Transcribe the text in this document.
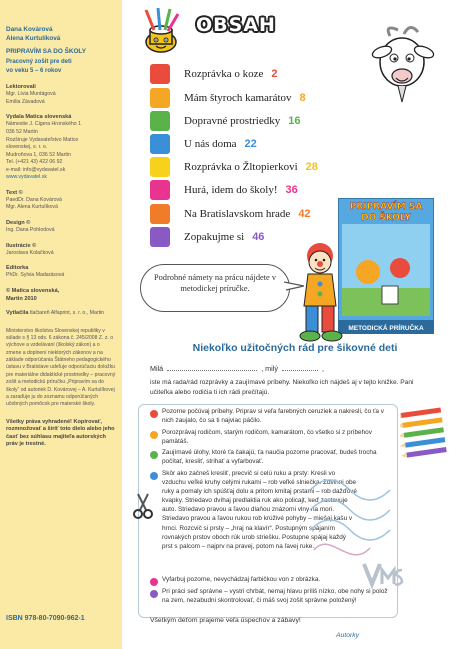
Dana Kovárová
Alena Kurtulíková
PRIPRAVÍM SA DO ŠKOLY
Pracovný zošit pre deti
vo veku 5 – 6 rokov
Lektorovali
Mgr. Lívia Muntágová
Emília Závadová
Vydala Matica slovenská
Námestie J. Cigera Hronského 1
036 52 Martin
Rozširuje Vydavateľstvo Matice
slovenskej, s. r. o.
Mudroňova 1, 036 52 Martin
Tel. (+421 43) 422 06 92
e-mail: info@vydavatel.sk
www.vydavatel.sk
Text ©
PaedDr. Dana Kovárová
Mgr. Alena Kurtulíková
Design ©
Ing. Dana Pohlodová
Ilustrácie ©
Jaroslava Kolačková
Editorka
PhDr. Sylvia Madarásová
© Matica slovenská,
Martin 2010
Vytlačila tlačiareň Alfaprint, s. r. o., Martin
Ministerstvo školstva Slovenskej republiky v súlade s § 13 ods. 6 zákona č. 245/2008 Z. z. o výchove a vzdelávaní (školský zákon) a o zmene a doplnení niektorých zákonov a na základe odporúčania Štátneho pedagogického ústavu v Bratislave udeľuje odporúčaciu doložku pre materiálne didaktické prostriedky – pracovný zošit a metodickú príručku „Pripravím sa do školy“ od autoriek D. Kovárovej – A. Kurtulíkovej a zaraďuje ju do zoznamu odporúčaných učebných pomôcok pre materské školy.
Všetky práva vyhradené! Kopírovať, rozmnožovať a šíriť toto dielo alebo jeho časť bez súhlasu majiteľa autorských práv je trestné.
ISBN 978-80-7090-962-1
OBSAH
Rozprávka o koze 2
Mám štyroch kamarátov 8
Dopravné prostriedky 16
U nás doma 22
Rozprávka o Žltopierkovi 28
Hurá, idem do školy! 36
Na Bratislavskom hrade 42
Zopakujme si 46
PRIPRAVÍM SA
DO ŠKOLY
METODICKÁ PRÍRUČKA
Podrobné námety na prácu nájdete v metodickej príručke.
Niekoľko užitočných rád pre šikovné deti
Milá	, milý	,
iste má rada/rád rozprávky a zaujímavé príbehy. Niekoľko ich nájdeš aj v tejto knižke. Pani učiteľka alebo rodičia ti ich rádi prečítajú.
Pozorne počúvaj príbehy. Priprav si veľa farebných ceruziek a nakresli, čo ťa v nich zaujalo, čo sa ti najviac páčilo.
Porozprávaj rodičom, starým rodičom, kamarátom, čo všetko si z príbehov pamätáš.
Zaujímavé úlohy, ktoré ťa čakajú, ťa naučia pozorne pracovať, budeš trocha počítať, kresliť, strihať a vyfarbovať.
Skôr ako začneš kresliť, precvič si celú ruku a prsty: Kresli vo vzduchu veľké kruhy celými rukami – rob veľké slniečka. Zdvihni obe ruky a pomaly ich spúšťaj dolu a pritom kmitaj prstami – rob dažďové kvapky. Striedavo dvíhaj predlaktia ruk ako policajt, keď zastavuje auto. Striedavo pravou a ľavou dlaňou znázorni vlny na mori. Striedavo pravou a ľavou rukou rob krúživé pohyby – miešaj kašu v hrnci. Rozcvič si prsty – „hraj na klavír“. Postupným spájaním rovnakých prstov oboch rúk urob striešku. Postupne spájaj každý prst s palcom – najprv na pravej, potom na ľavej ruke.
Vyfarbuj pozorne, nevychádzaj farbičkou von z obrázka.
Pri práci seď správne – vystri chrbát, nemaj hlavu príliš nízko, obe nohy si polož na zem, nezabudni skontrolovať, či máš svoj zošit správne položený!
Všetkým deťom prajeme veľa úspechov a zábavy!
Autorky
